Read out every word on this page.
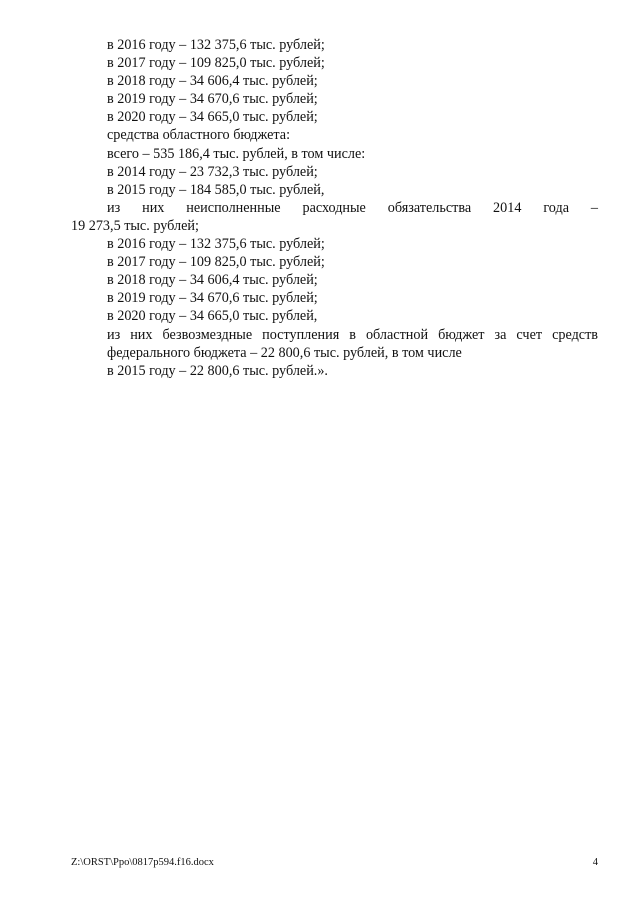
в 2016 году – 132 375,6 тыс. рублей;
в 2017 году – 109 825,0 тыс. рублей;
в 2018 году – 34 606,4 тыс. рублей;
в 2019 году – 34 670,6 тыс. рублей;
в 2020 году – 34 665,0 тыс. рублей;
средства областного бюджета:
всего – 535 186,4 тыс. рублей, в том числе:
в 2014 году – 23 732,3 тыс. рублей;
в 2015 году – 184 585,0 тыс. рублей,
из них неисполненные расходные обязательства 2014 года –
19 273,5 тыс. рублей;
в 2016 году – 132 375,6 тыс. рублей;
в 2017 году – 109 825,0 тыс. рублей;
в 2018 году – 34 606,4 тыс. рублей;
в 2019 году – 34 670,6 тыс. рублей;
в 2020 году – 34 665,0 тыс. рублей,
из них безвозмездные поступления в областной бюджет за счет средств
федерального бюджета – 22 800,6 тыс. рублей, в том числе
в 2015 году – 22 800,6 тыс. рублей.».
Z:\ORST\Ppo\0817p594.f16.docx	4
